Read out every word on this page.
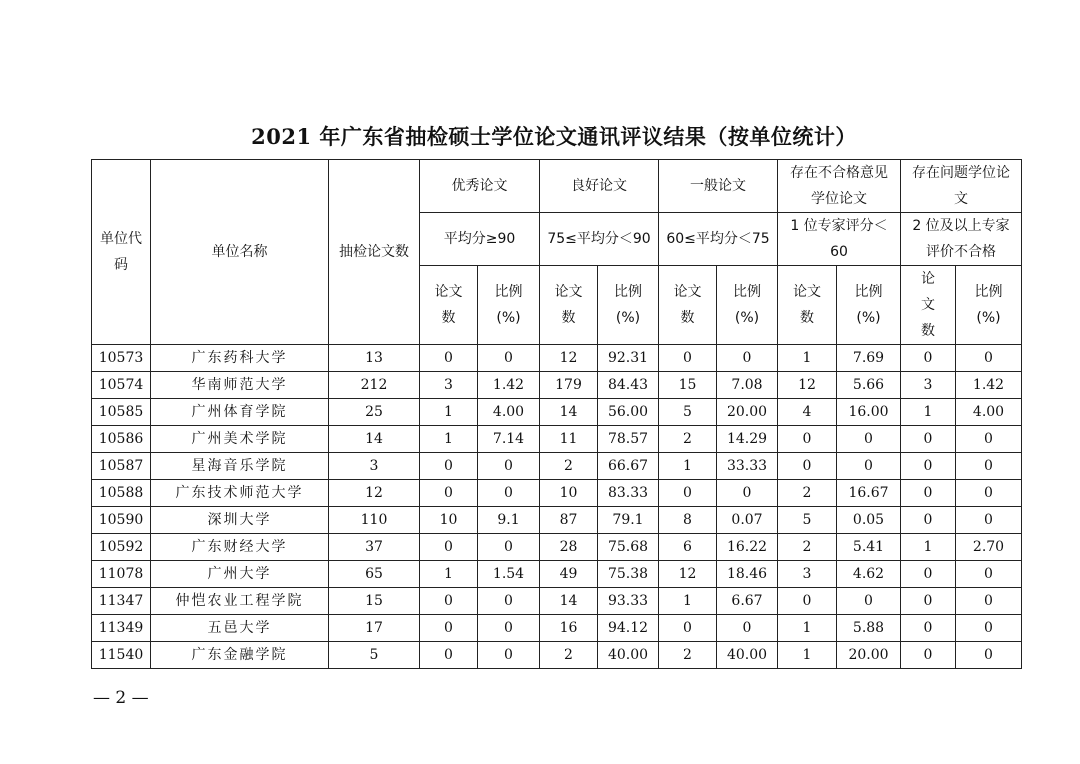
2021 年广东省抽检硕士学位论文通讯评议结果（按单位统计）
单位代码	单位名称	抽检论文数	优秀论文		良好论文		一般论文		存在不合格意见学位论文		存在问题学位论文	
			平均分≥90		75≤平均分＜90		60≤平均分＜75		1 位专家评分＜60		2 位及以上专家评价不合格	
			论文数	比例(%)	论文数	比例(%)	论文数	比例(%)	论文数	比例(%)	论文数	比例(%)
10573	广东药科大学	13	0	0	12	92.31	0	0	1	7.69	0	0
10574	华南师范大学	212	3	1.42	179	84.43	15	7.08	12	5.66	3	1.42
10585	广州体育学院	25	1	4.00	14	56.00	5	20.00	4	16.00	1	4.00
10586	广州美术学院	14	1	7.14	11	78.57	2	14.29	0	0	0	0
10587	星海音乐学院	3	0	0	2	66.67	1	33.33	0	0	0	0
10588	广东技术师范大学	12	0	0	10	83.33	0	0	2	16.67	0	0
10590	深圳大学	110	10	9.1	87	79.1	8	0.07	5	0.05	0	0
10592	广东财经大学	37	0	0	28	75.68	6	16.22	2	5.41	1	2.70
11078	广州大学	65	1	1.54	49	75.38	12	18.46	3	4.62	0	0
11347	仲恺农业工程学院	15	0	0	14	93.33	1	6.67	0	0	0	0
11349	五邑大学	17	0	0	16	94.12	0	0	1	5.88	0	0
11540	广东金融学院	5	0	0	2	40.00	2	40.00	1	20.00	0	0
— 2 —
